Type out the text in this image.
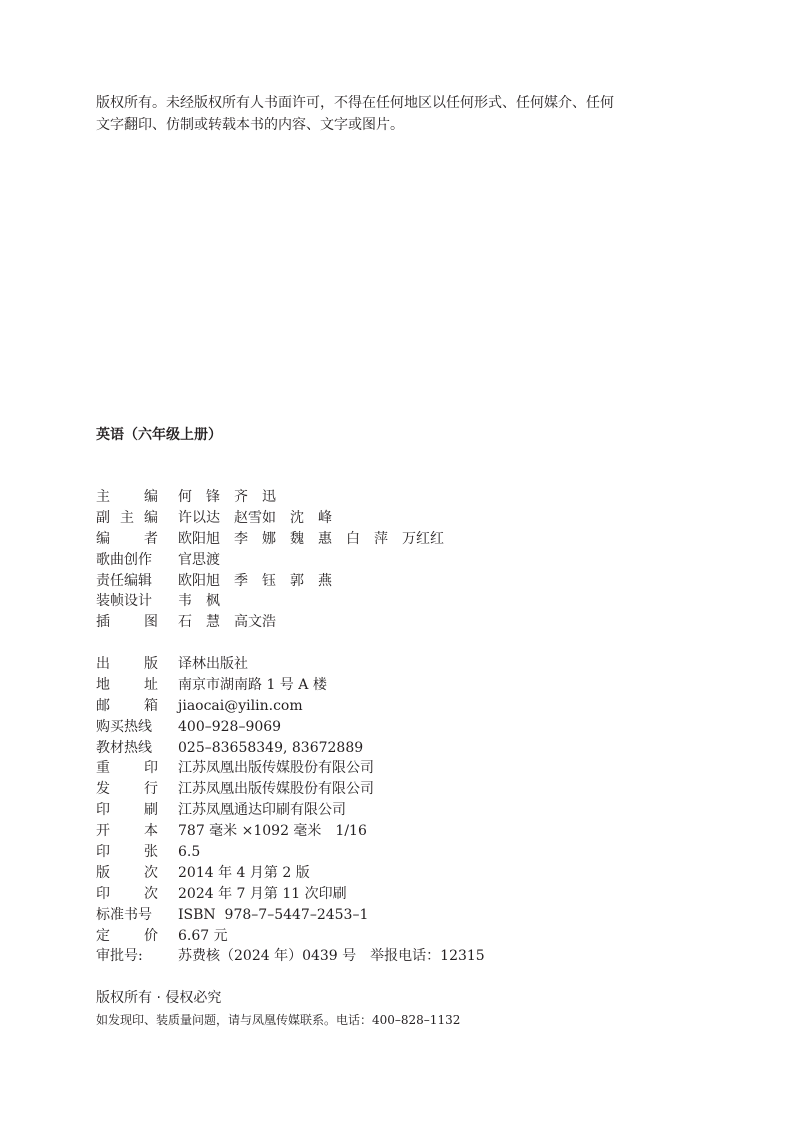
版权所有。未经版权所有人书面许可，不得在任何地区以任何形式、任何媒介、任何
文字翻印、仿制或转载本书的内容、文字或图片。
英语（六年级上册）
主 编 何　锋　齐　迅
副 主 编 许以达　赵雪如　沈　峰
编 者 欧阳旭　李　娜　魏　惠　白　萍　万红红
歌曲创作 官思渡
责任编辑 欧阳旭　季　钰　郭　燕
装帧设计 韦　枫
插 图 石　慧　高文浩
出 版 译林出版社
地 址 南京市湖南路 1 号 A 楼
邮 箱 jiaocai@yilin.com
购买热线 400–928–9069
教材热线 025–83658349, 83672889
重 印 江苏凤凰出版传媒股份有限公司
发 行 江苏凤凰出版传媒股份有限公司
印 刷 江苏凤凰通达印刷有限公司
开 本 787 毫米 ×1092 毫米　1/16
印 张 6.5
版 次 2014 年 4 月第 2 版
印 次 2024 年 7 月第 11 次印刷
标准书号 ISBN  978–7–5447–2453–1
定 价 6.67 元
审批号:	苏费核（2024 年）0439 号　举报电话：12315
版权所有 · 侵权必究
如发现印、装质量问题，请与凤凰传媒联系。电话：400–828–1132
